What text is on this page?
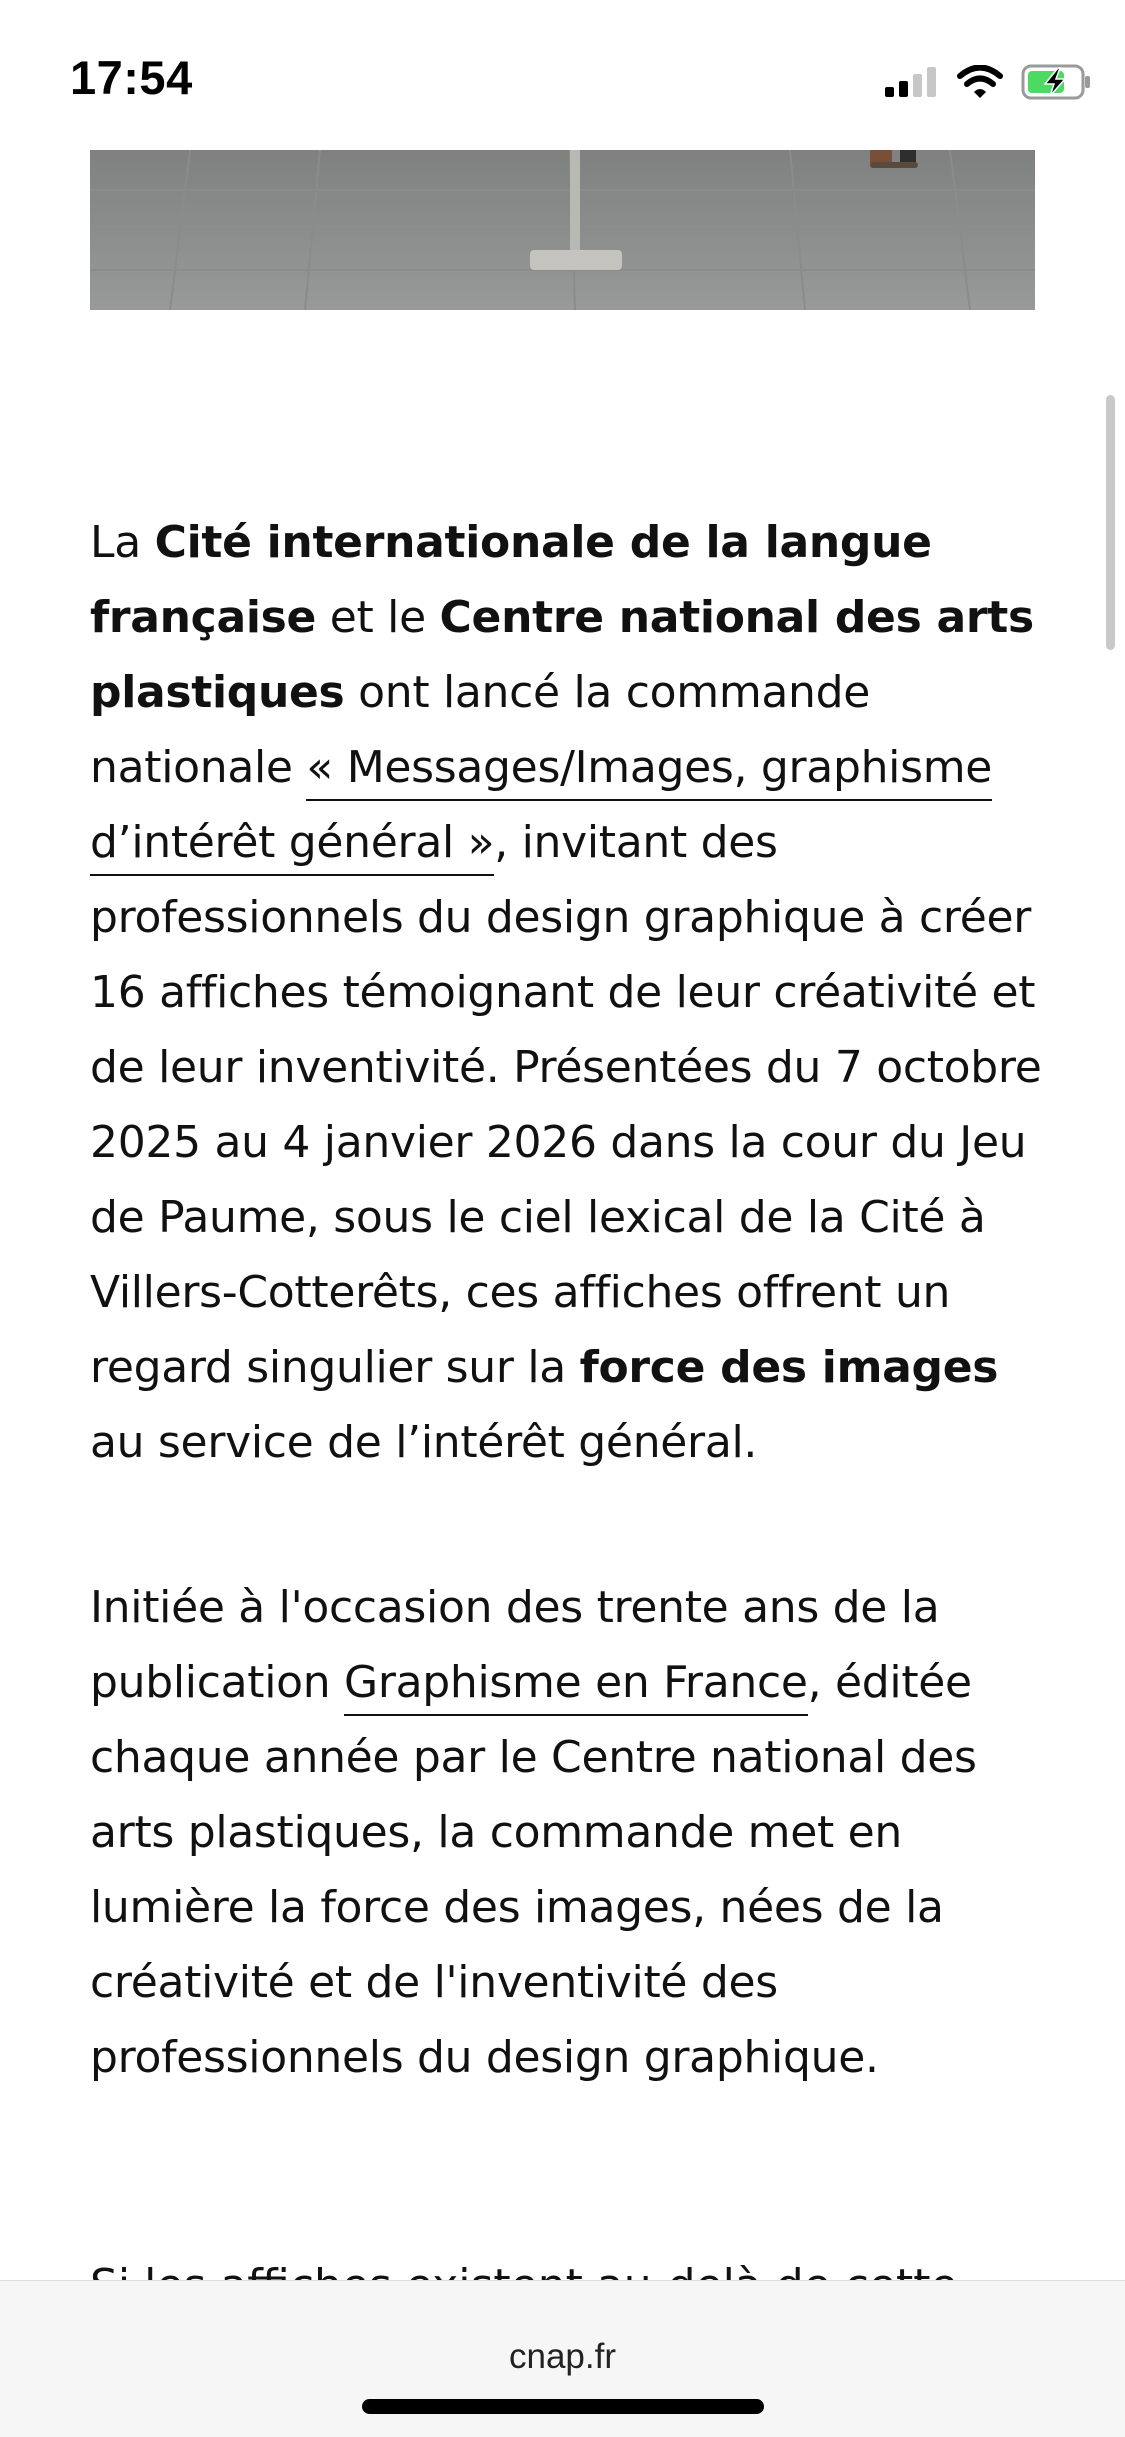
17:54

La Cité internationale de la langue française et le Centre national des arts plastiques ont lancé la commande nationale « Messages/Images, graphisme d’intérêt général », invitant des professionnels du design graphique à créer 16 affiches témoignant de leur créativité et de leur inventivité. Présentées du 7 octobre 2025 au 4 janvier 2026 dans la cour du Jeu de Paume, sous le ciel lexical de la Cité à Villers-Cotterêts, ces affiches offrent un regard singulier sur la force des images au service de l’intérêt général.

Initiée à l'occasion des trente ans de la publication Graphisme en France, éditée chaque année par le Centre national des arts plastiques, la commande met en lumière la force des images, nées de la créativité et de l'inventivité des professionnels du design graphique.

cnap.fr
